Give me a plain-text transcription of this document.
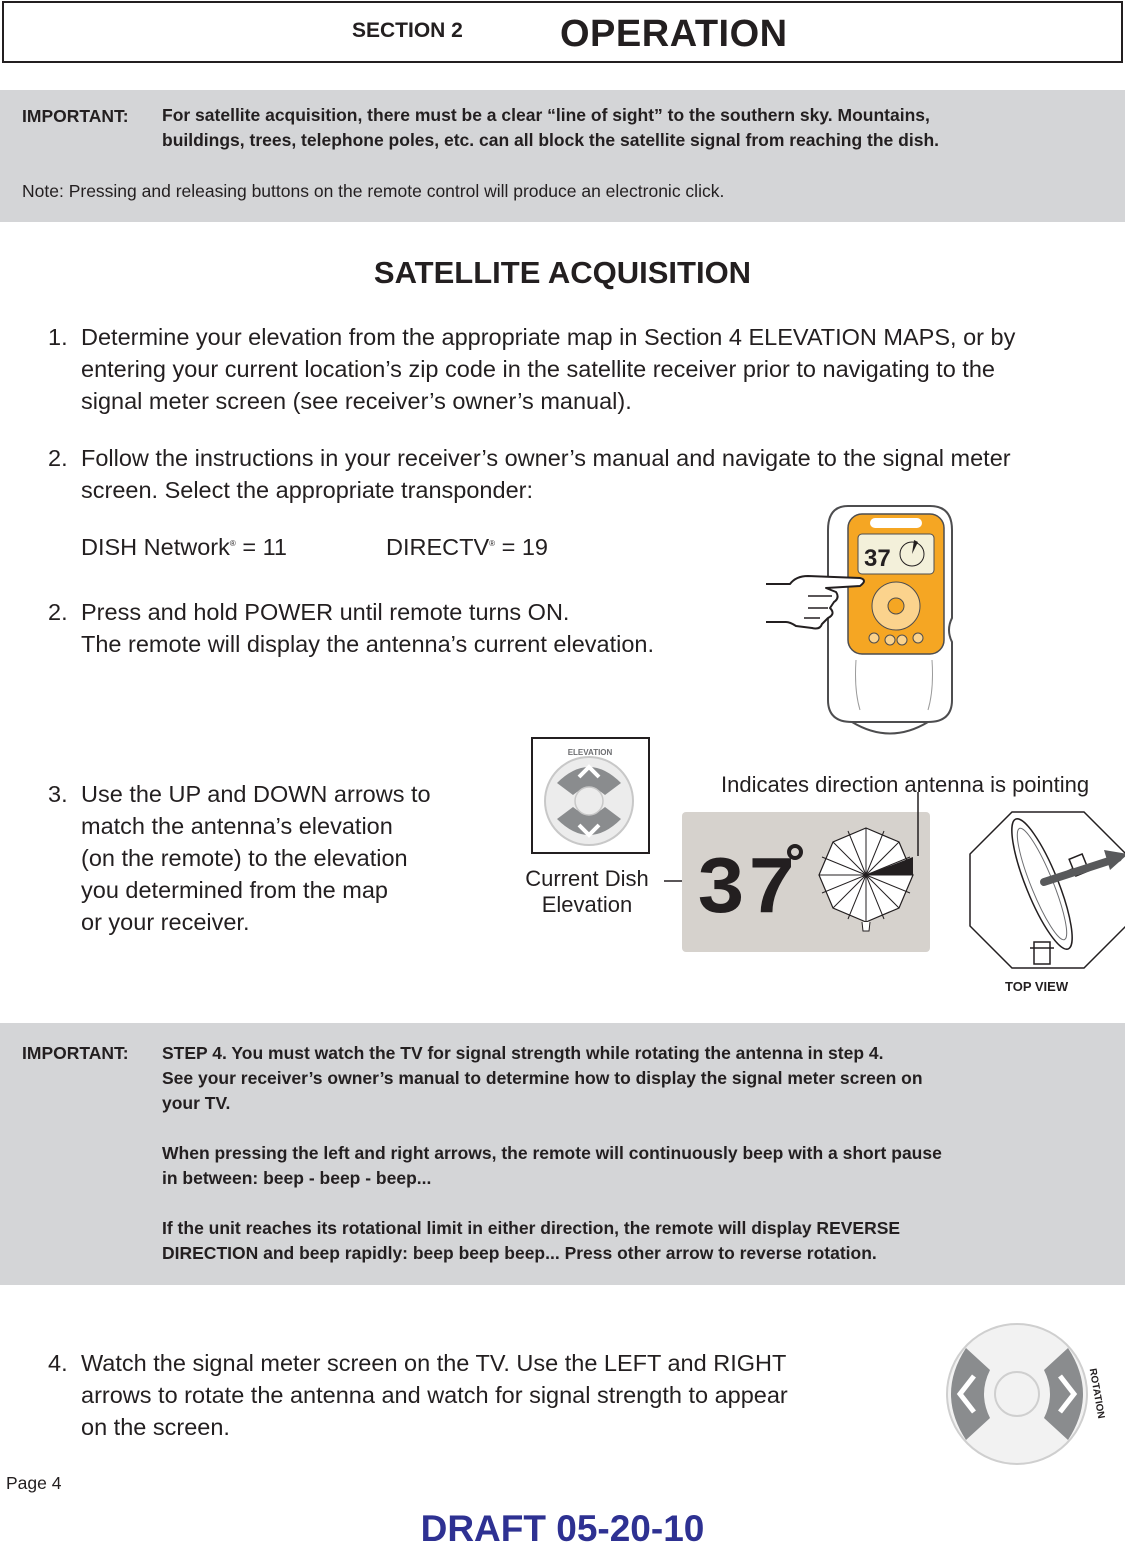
SECTION 2	OPERATION
IMPORTANT: For satellite acquisition, there must be a clear “line of sight” to the southern sky. Mountains,
buildings, trees, telephone poles, etc. can all block the satellite signal from reaching the dish.
Note: Pressing and releasing buttons on the remote control will produce an electronic click.
SATELLITE ACQUISITION
1. Determine your elevation from the appropriate map in Section 4 ELEVATION MAPS, or by
entering your current location’s zip code in the satellite receiver prior to navigating to the
signal meter screen (see receiver’s owner’s manual).
2. Follow the instructions in your receiver’s owner’s manual and navigate to the signal meter
screen. Select the appropriate transponder:
DISH Network® = 11	DIRECTV® = 19
2. Press and hold POWER until remote turns ON.
The remote will display the antenna’s current elevation.
37
3. Use the UP and DOWN arrows to
match the antenna’s elevation
(on the remote) to the elevation
you determined from the map
or your receiver.
ELEVATION
Indicates direction antenna is pointing
Current Dish
Elevation 37
TOP VIEW
IMPORTANT: STEP 4. You must watch the TV for signal strength while rotating the antenna in step 4.
See your receiver’s owner’s manual to determine how to display the signal meter screen on
your TV.
When pressing the left and right arrows, the remote will continuously beep with a short pause
in between: beep - beep - beep...
If the unit reaches its rotational limit in either direction, the remote will display REVERSE
DIRECTION and beep rapidly: beep beep beep... Press other arrow to reverse rotation.
4. Watch the signal meter screen on the TV. Use the LEFT and RIGHT
arrows to rotate the antenna and watch for signal strength to appear
on the screen.
ROTATION
Page 4
DRAFT 05-20-10
